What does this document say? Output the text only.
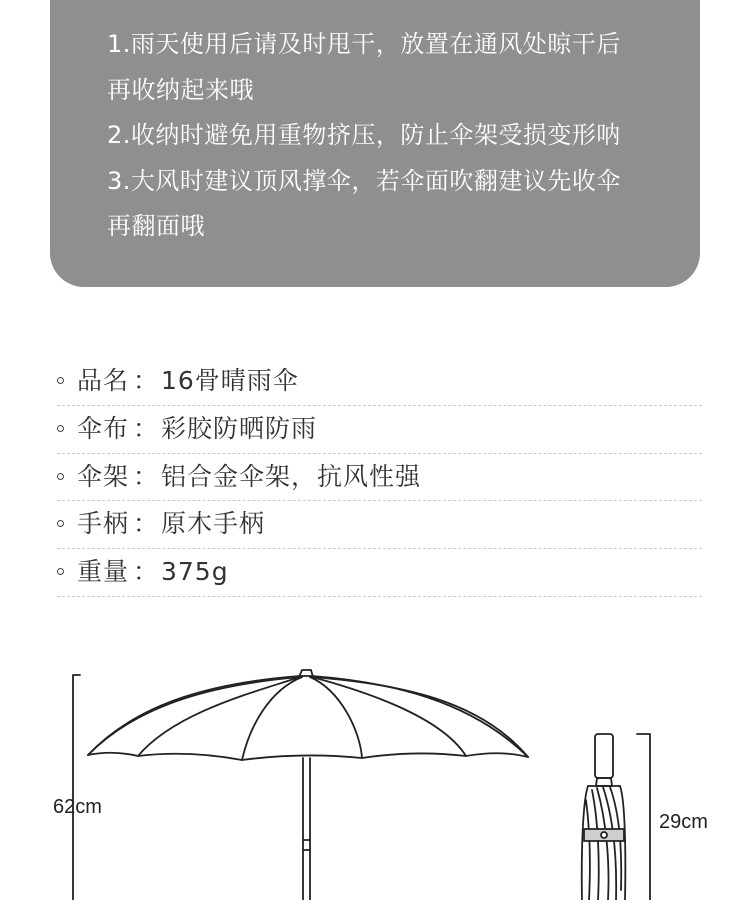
1.雨天使用后请及时甩干，放置在通风处晾干后
再收纳起来哦
2.收纳时避免用重物挤压，防止伞架受损变形呐
3.大风时建议顶风撑伞，若伞面吹翻建议先收伞
再翻面哦
品名 ： 16骨晴雨伞
伞布 ： 彩胶防晒防雨
伞架 ： 铝合金伞架，抗风性强
手柄 ： 原木手柄
重量 ： 375g
62cm
29cm
